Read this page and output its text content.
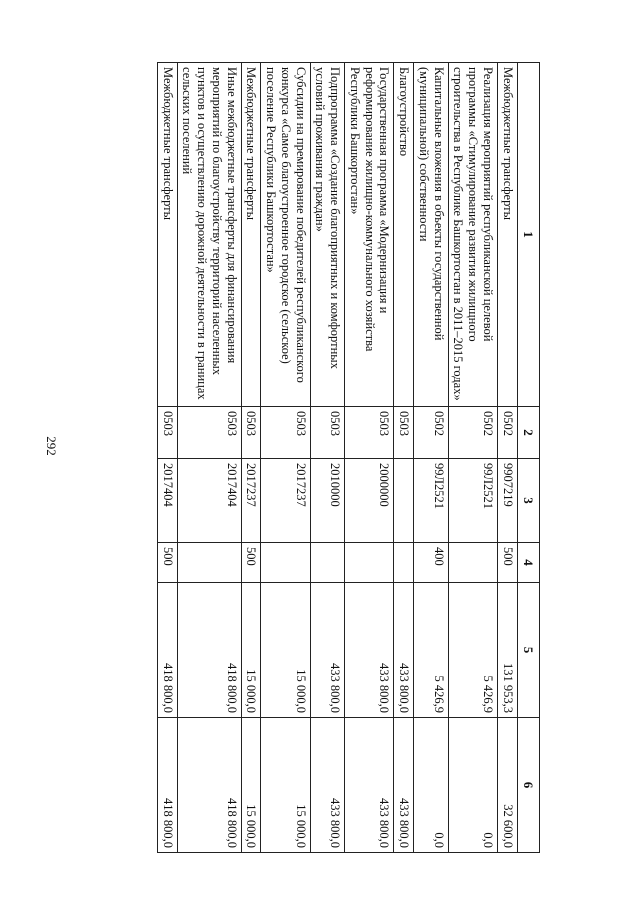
292
1	2	3	4	5	6
Межбюджетные трансферты	0502	9907219	500	131 953,3	32 600,0
Реализация мероприятий республиканской целевой программы «Стимулирование развития жилищного строительства в Республике Башкортостан в 2011–2015 годах»	0502	99Л2521		5 426,9	0,0
Капитальные вложения в объекты государственной (муниципальной) собственности	0502	99Л2521	400	5 426,9	0,0
Благоустройство	0503			433 800,0	433 800,0
Государственная программа «Модернизация и реформирование жилищно-коммунального хозяйства Республики Башкортостан»	0503	2000000		433 800,0	433 800,0
Подпрограмма «Создание благоприятных и комфортных условий проживания граждан»	0503	2010000		433 800,0	433 800,0
Субсидии на премирование победителей республиканского конкурса «Самое благоустроенное городское (сельское) поселение Республики Башкортостан»	0503	2017237		15 000,0	15 000,0
Межбюджетные трансферты	0503	2017237	500	15 000,0	15 000,0
Иные межбюджетные трансферты для финансирования мероприятий по благоустройству территорий населенных пунктов и осуществлению дорожной деятельности в границах сельских поселений	0503	2017404		418 800,0	418 800,0
Межбюджетные трансферты	0503	2017404	500	418 800,0	418 800,0
